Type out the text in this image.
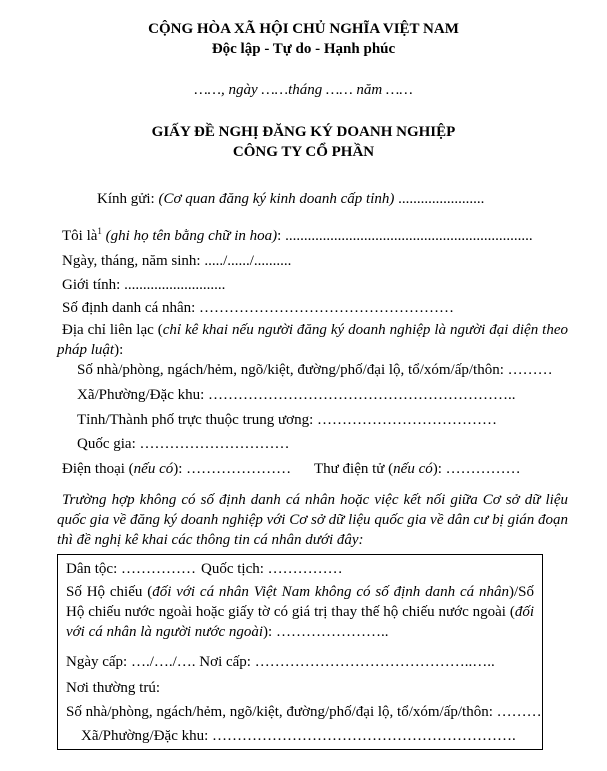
CỘNG HÒA XÃ HỘI CHỦ NGHĨA VIỆT NAM
Độc lập - Tự do - Hạnh phúc
……, ngày ……tháng …… năm ……
GIẤY ĐỀ NGHỊ ĐĂNG KÝ DOANH NGHIỆP
CÔNG TY CỔ PHẦN
Kính gửi: (Cơ quan đăng ký kinh doanh cấp tỉnh) .......................
Tôi $là^1$ (ghi họ tên bằng chữ in hoa): ..................................................................
Ngày, tháng, năm sinh: ...../....../..........
Giới tính: ...........................
Số định danh cá nhân: ……………………………………………
Địa chỉ liên lạc (chỉ kê khai nếu người đăng ký doanh nghiệp là người đại diện theo pháp luật):
Số nhà/phòng, ngách/hẻm, ngõ/kiệt, đường/phố/đại lộ, tổ/xóm/ấp/thôn: ………
Xã/Phường/Đặc khu: ……………………………………………………..
Tỉnh/Thành phố trực thuộc trung ương: ………………………………
Quốc gia: …………………………
Điện thoại (nếu có): ………………… Thư điện tử (nếu có): ……………
Trường hợp không có số định danh cá nhân hoặc việc kết nối giữa Cơ sở dữ liệu quốc gia về đăng ký doanh nghiệp với Cơ sở dữ liệu quốc gia về dân cư bị gián đoạn thì đề nghị kê khai các thông tin cá nhân dưới đây:
Dân tộc: …………… Quốc tịch: ……………
Số Hộ chiếu (đối với cá nhân Việt Nam không có số định danh cá nhân)/Số Hộ chiếu nước ngoài hoặc giấy tờ có giá trị thay thế hộ chiếu nước ngoài (đối với cá nhân là người nước ngoài): …………………..
Ngày cấp: …./…./…. Nơi cấp: ……………………………………..…..
Nơi thường trú:
Số nhà/phòng, ngách/hẻm, ngõ/kiệt, đường/phố/đại lộ, tổ/xóm/ấp/thôn: ………
Xã/Phường/Đặc khu: …………………………………………………….
